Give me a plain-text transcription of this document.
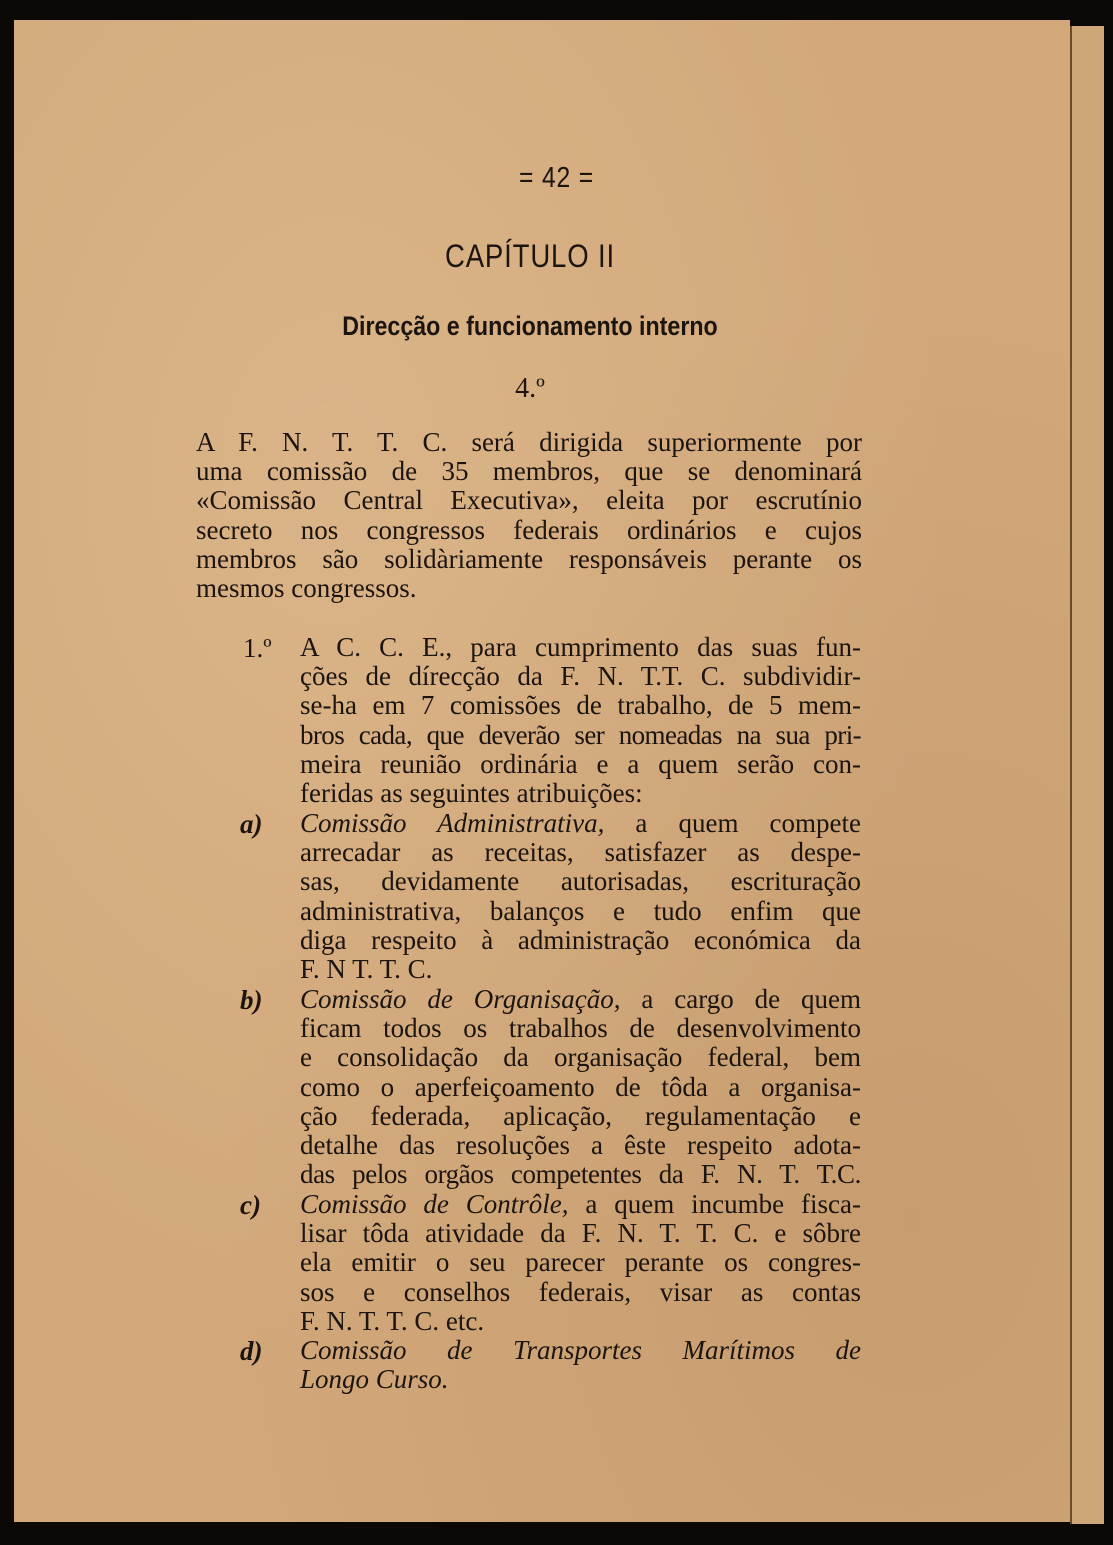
= 42 =
CAPÍTULO II
Direcção e funcionamento interno
4.º
A F. N. T. T. C. será dirigida superiormente por
uma comissão de 35 membros, que se denominará
«Comissão Central Executiva», eleita por escrutínio
secreto nos congressos federais ordinários e cujos
membros são solidàriamente responsáveis perante os
mesmos congressos.
1.º A C. C. E., para cumprimento das suas fun-
ções de dírecção da F. N. T.T. C. subdividir-
se-ha em 7 comissões de trabalho, de 5 mem-
bros cada, que deverão ser nomeadas na sua pri-
meira reunião ordinária e a quem serão con-
feridas as seguintes atribuições:
a) Comissão Administrativa, a quem compete
arrecadar as receitas, satisfazer as despe-
sas, devidamente autorisadas, escrituração
administrativa, balanços e tudo enfim que
diga respeito à administração económica da
F. N T. T. C.
b) Comissão de Organisação, a cargo de quem
ficam todos os trabalhos de desenvolvimento
e consolidação da organisação federal, bem
como o aperfeiçoamento de tôda a organisa-
ção federada, aplicação, regulamentação e
detalhe das resoluções a êste respeito adota-
das pelos orgãos competentes da F. N. T. T.C.
c) Comissão de Contrôle, a quem incumbe fisca-
lisar tôda atividade da F. N. T. T. C. e sôbre
ela emitir o seu parecer perante os congres-
sos e conselhos federais, visar as contas
F. N. T. T. C. etc.
d) Comissão de Transportes Marítimos de
Longo Curso.
